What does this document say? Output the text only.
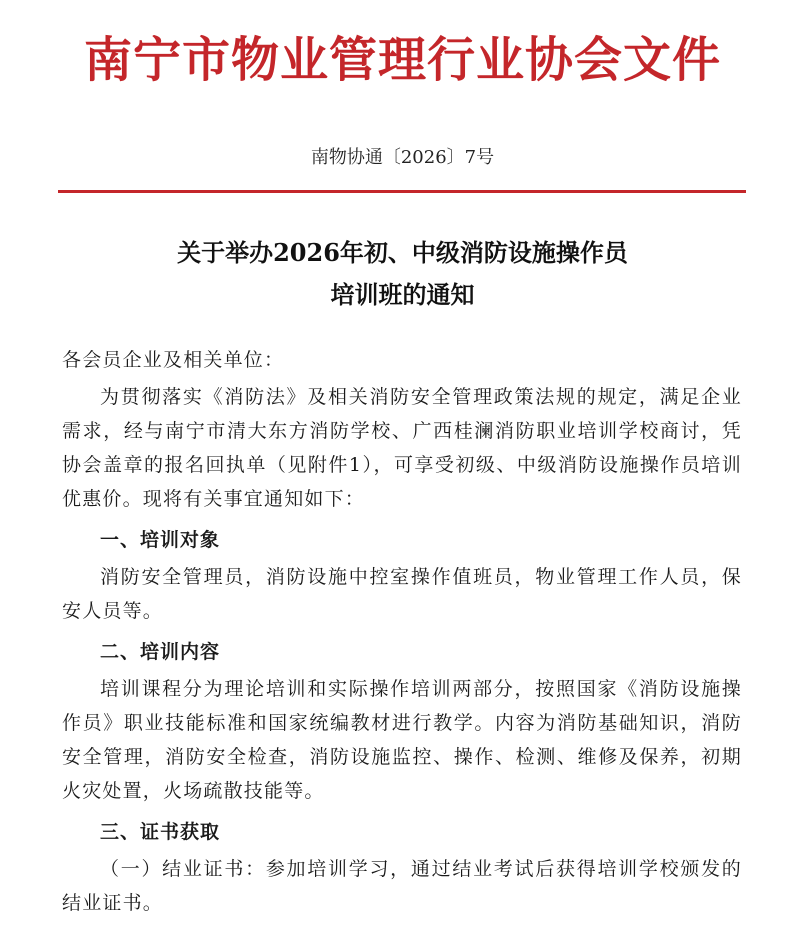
南宁市物业管理行业协会文件
南物协通〔2026〕7号
关于举办2026年初、中级消防设施操作员
培训班的通知

各会员企业及相关单位：

为贯彻落实《消防法》及相关消防安全管理政策法规的规定，满足企业需求，经与南宁市清大东方消防学校、广西桂澜消防职业培训学校商讨，凭协会盖章的报名回执单（见附件1），可享受初级、中级消防设施操作员培训优惠价。现将有关事宜通知如下：

一、培训对象

消防安全管理员，消防设施中控室操作值班员，物业管理工作人员，保安人员等。

二、培训内容

培训课程分为理论培训和实际操作培训两部分，按照国家《消防设施操作员》职业技能标准和国家统编教材进行教学。内容为消防基础知识，消防安全管理，消防安全检查，消防设施监控、操作、检测、维修及保养，初期火灾处置，火场疏散技能等。

三、证书获取

（一）结业证书：参加培训学习，通过结业考试后获得培训学校颁发的结业证书。
